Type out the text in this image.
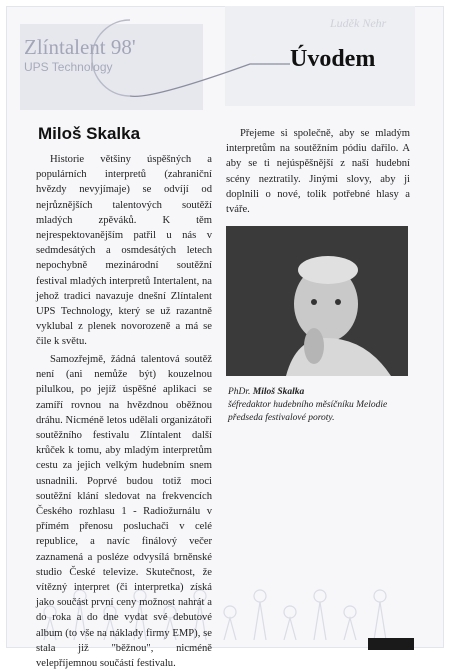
Luděk Nehr
Zlíntalent 98'
UPS Technology	Úvodem
Miloš Skalka

Historie většiny úspěšných a populárních interpretů (zahraniční hvězdy nevyjímaje) se odvíjí od nejrůznějších talentových soutěží mladých zpěváků. K těm nejrespektovanějším patřil u nás v sedmdesátých a osmdesátých letech nepochybně mezinárodní soutěžní festival mladých interpretů Intertalent, na jehož tradici navazuje dnešní Zlíntalent UPS Technology, který se už razantně vyklubal z plenek novorozeně a má se čile k světu.

Samozřejmě, žádná talentová soutěž není (ani nemůže být) kouzelnou pilulkou, po jejíž úspěšné aplikaci se zamíří rovnou na hvězdnou oběžnou dráhu. Nicméně letos udělali organizátoři soutěžního festivalu Zlíntalent další krůček k tomu, aby mladým interpretům cestu za jejich velkým hudebním snem usnadnili. Poprvé budou totiž moci soutěžní klání sledovat na frekvencích Českého rozhlasu 1 - Radiožurnálu v přímém přenosu posluchači v celé republice, a navíc finálový večer zaznamená a posléze odvysílá brněnské studio České televize. Skutečnost, že vítězný interpret (či interpretka) získá jako součást první ceny možnost nahrát a do roka a do dne vydat své debutové album (to vše na náklady firmy EMP), se stala již "běžnou", nicméně velepříjemnou součástí festivalu.

Přejeme si společně, aby se mladým interpretům na soutěžním pódiu dařilo. A aby se ti nejúspěšnější z naší hudební scény neztratily. Jinými slovy, aby ji doplnili o nové, tolik potřebné hlasy a tváře.

PhDr. Miloš Skalka
šéfredaktor hudebního měsíčníku Melodie
předseda festivalové poroty.
